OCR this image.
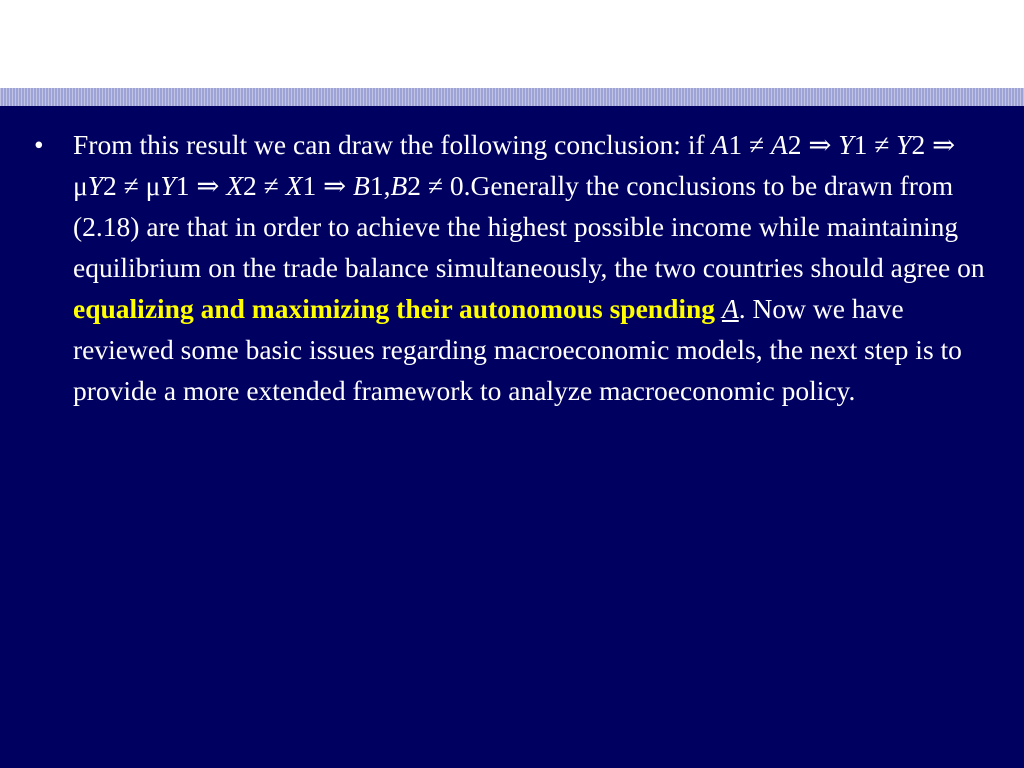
•	From this result we can draw the following conclusion: if A1 ≠ A2 ⇒ Y1 ≠ Y2 ⇒ μY2 ≠ μY1 ⇒ X2 ≠ X1 ⇒ B1,B2 ≠ 0.Generally the conclusions to be drawn from (2.18) are that in order to achieve the highest possible income while maintaining equilibrium on the trade balance simultaneously, the two countries should agree on equalizing and maximizing their autonomous spending A. Now we have reviewed some basic issues regarding macroeconomic models, the next step is to provide a more extended framework to analyze macroeconomic policy.
